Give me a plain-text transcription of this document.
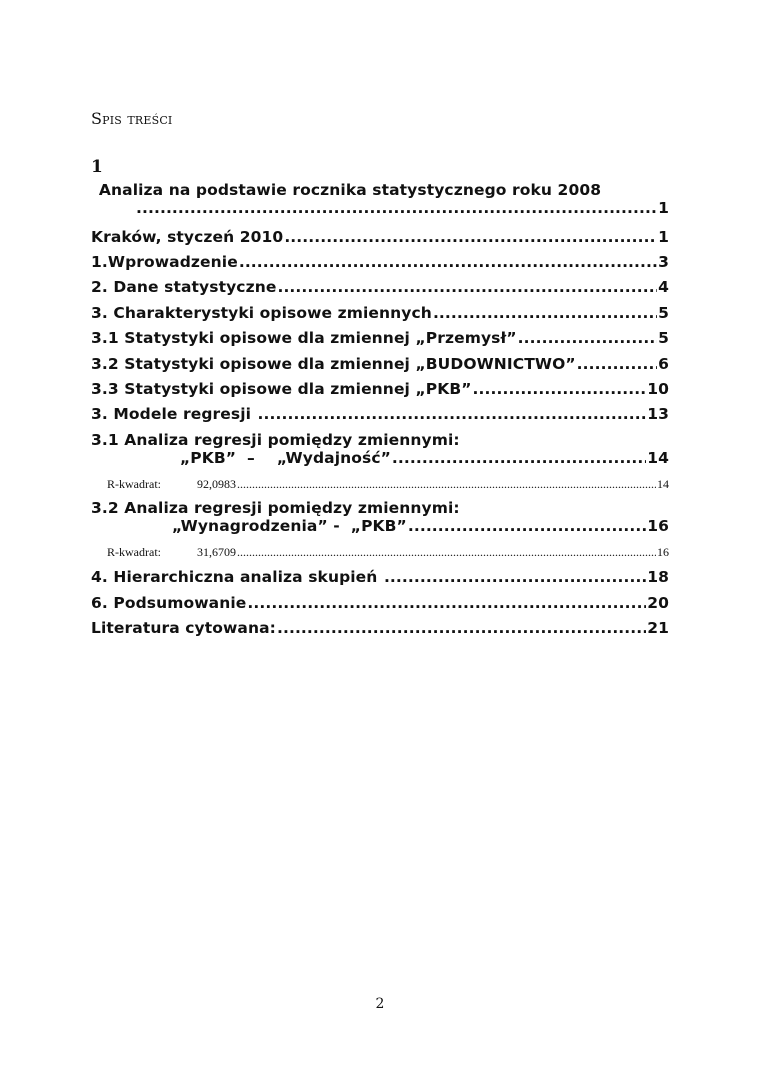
Spis treści
1
Analiza na podstawie rocznika statystycznego roku 2008
.....
1
Kraków, styczeń 2010 .....	1
1.Wprowadzenie .....	3
2. Dane statystyczne .....	4
3. Charakterystyki opisowe zmiennych .....	5
3.1 Statystyki opisowe dla zmiennej „Przemysł” .....	5
3.2 Statystyki opisowe dla zmiennej „BUDOWNICTWO” .....	6
3.3 Statystyki opisowe dla zmiennej „PKB” .....	10
3. Modele regresji .....	13
3.1 Analiza regresji pomiędzy zmiennymi:
„PKB”  –    „Wydajność” .....	14
R-kwadrat:	92,0983 .....	14
3.2 Analiza regresji pomiędzy zmiennymi:
„Wynagrodzenia” -  „PKB” .....	16
R-kwadrat:	31,6709 .....	16
4. Hierarchiczna analiza skupień .....	18
6. Podsumowanie .....	20
Literatura cytowana: .....	21
2
